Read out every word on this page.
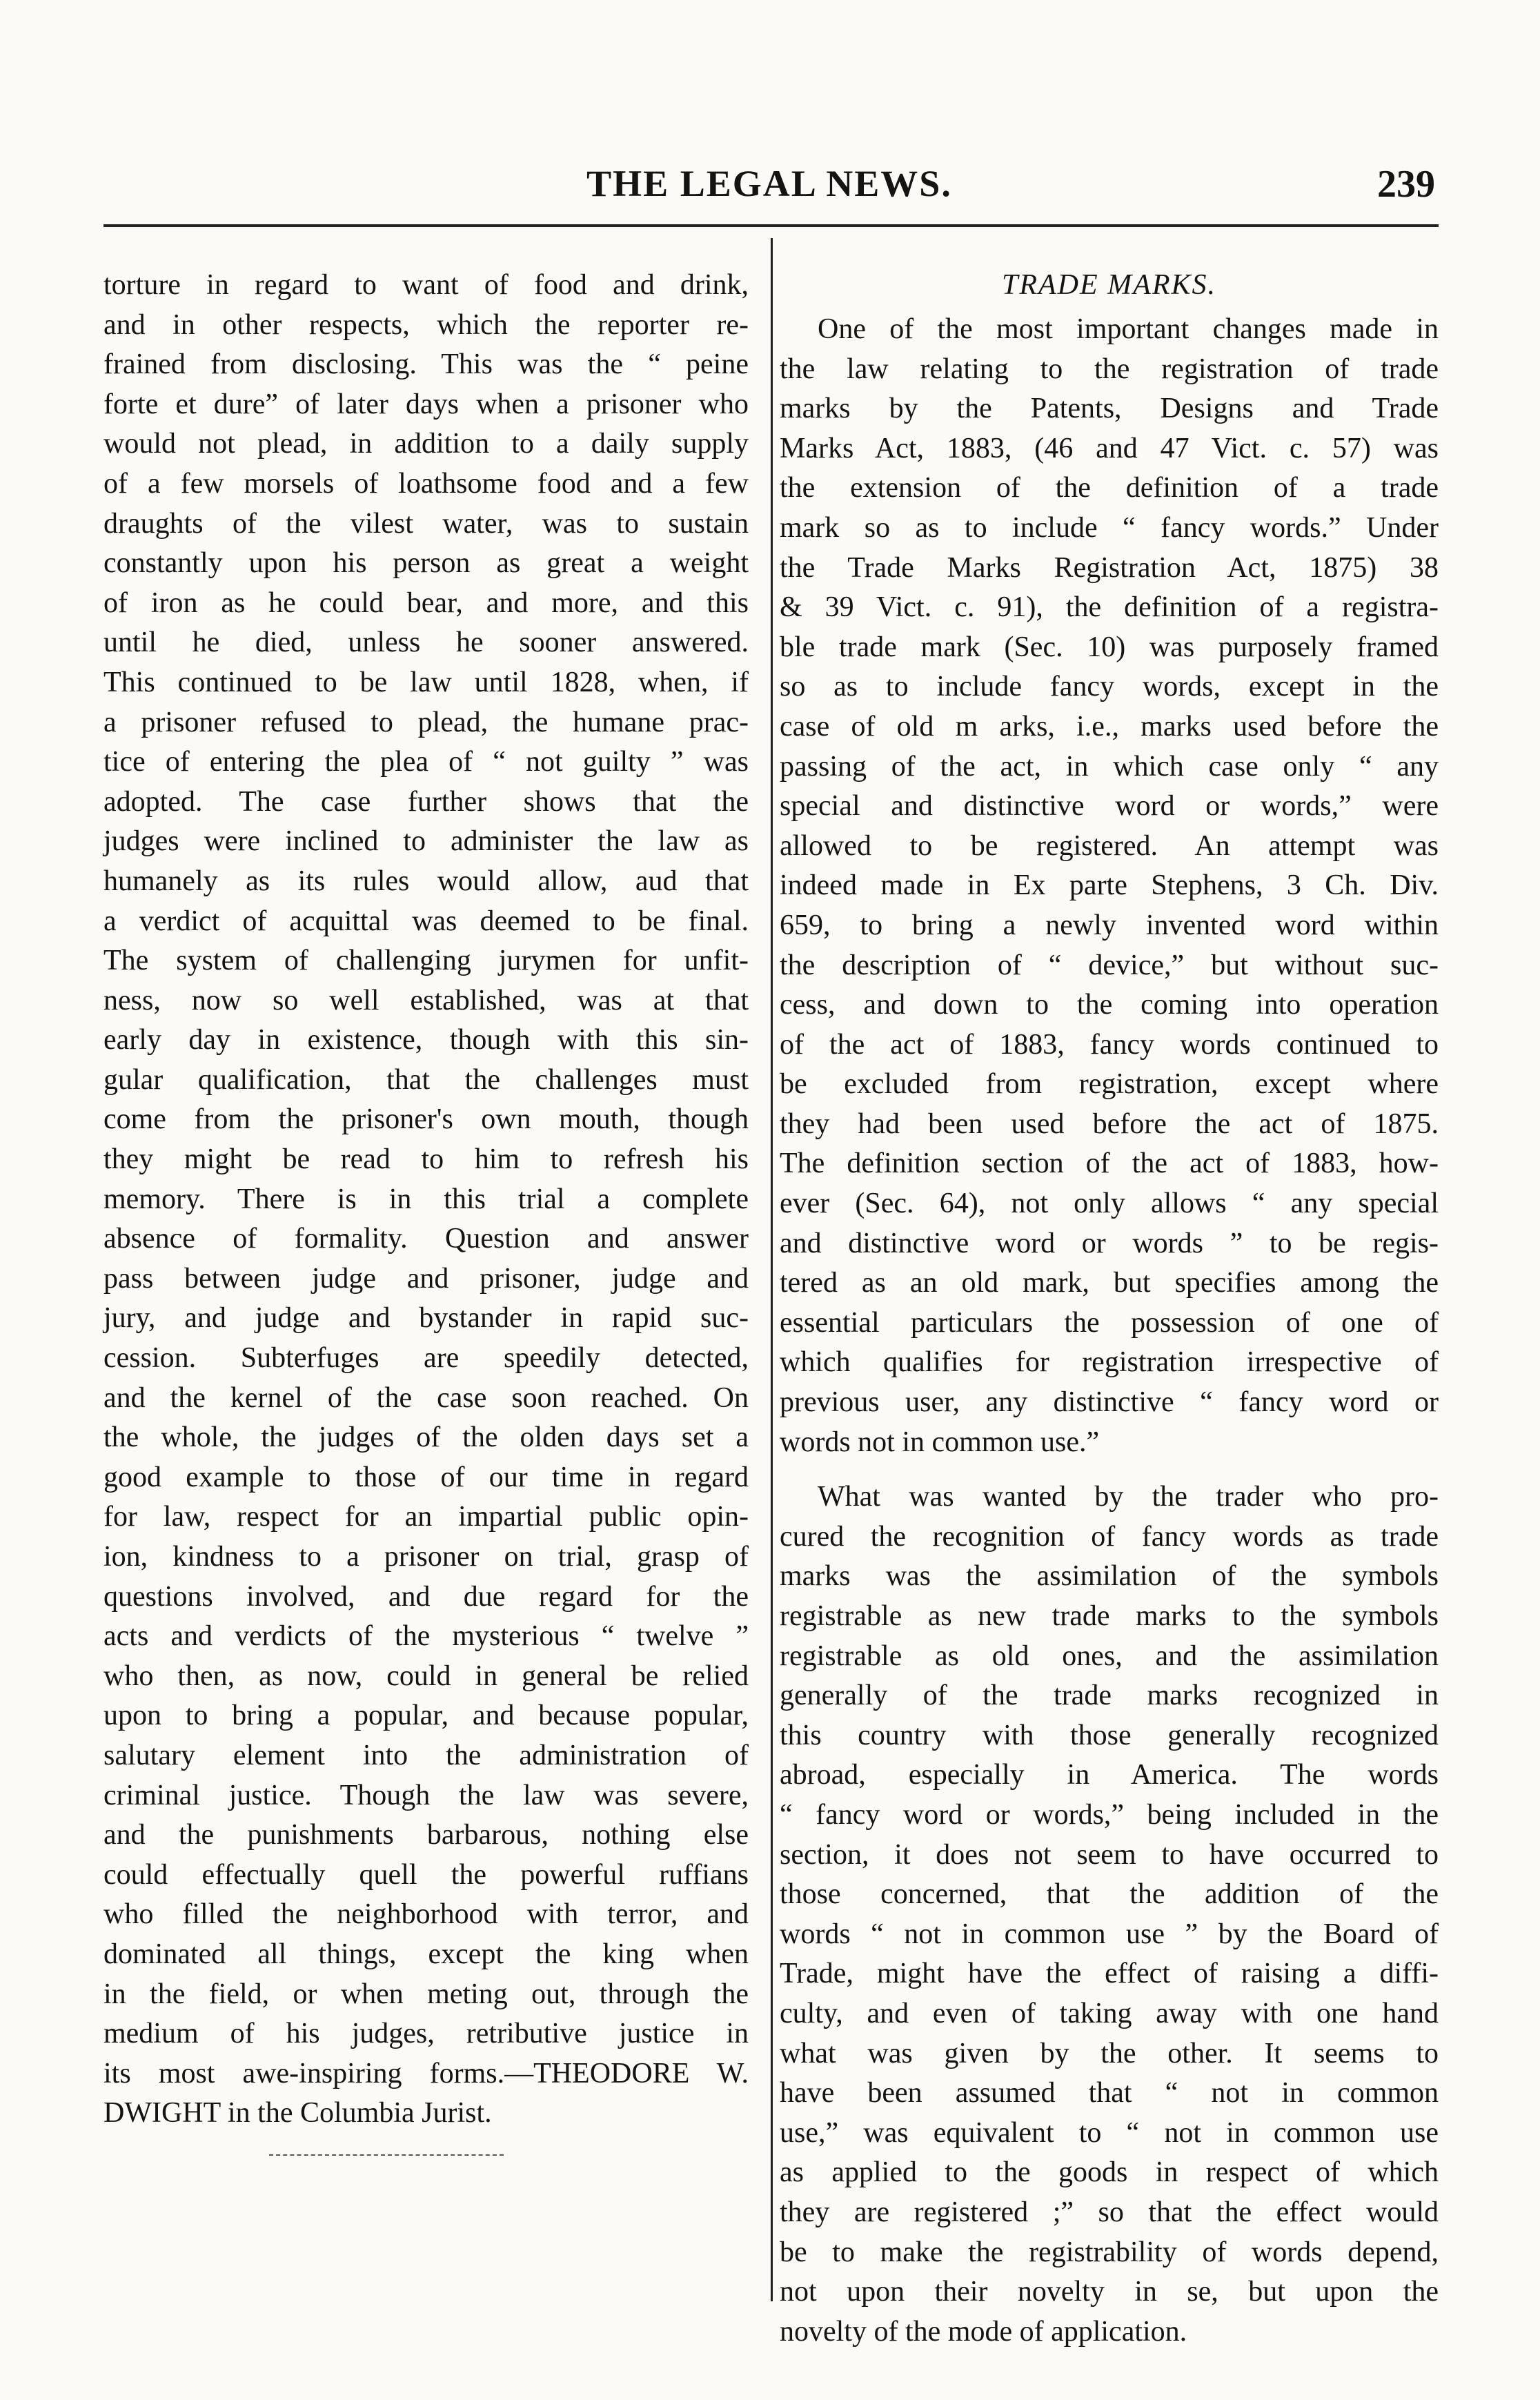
THE LEGAL NEWS.	239

torture in regard to want of food and drink,
and in other respects, which the reporter re-
frained from disclosing. This was the “ peine
forte et dure” of later days when a prisoner who
would not plead, in addition to a daily supply
of a few morsels of loathsome food and a few
draughts of the vilest water, was to sustain
constantly upon his person as great a weight
of iron as he could bear, and more, and this
until he died, unless he sooner answered.
This continued to be law until 1828, when, if
a prisoner refused to plead, the humane prac-
tice of entering the plea of “ not guilty ” was
adopted. The case further shows that the
judges were inclined to administer the law as
humanely as its rules would allow, aud that
a verdict of acquittal was deemed to be final.
The system of challenging jurymen for unfit-
ness, now so well established, was at that
early day in existence, though with this sin-
gular qualification, that the challenges must
come from the prisoner's own mouth, though
they might be read to him to refresh his
memory. There is in this trial a complete
absence of formality. Question and answer
pass between judge and prisoner, judge and
jury, and judge and bystander in rapid suc-
cession. Subterfuges are speedily detected,
and the kernel of the case soon reached. On
the whole, the judges of the olden days set a
good example to those of our time in regard
for law, respect for an impartial public opin-
ion, kindness to a prisoner on trial, grasp of
questions involved, and due regard for the
acts and verdicts of the mysterious “ twelve ”
who then, as now, could in general be relied
upon to bring a popular, and because popular,
salutary element into the administration of
criminal justice. Though the law was severe,
and the punishments barbarous, nothing else
could effectually quell the powerful ruffians
who filled the neighborhood with terror, and
dominated all things, except the king when
in the field, or when meting out, through the
medium of his judges, retributive justice in
its most awe-inspiring forms.—THEODORE W.
DWIGHT in the Columbia Jurist.

TRADE MARKS.

One of the most important changes made in
the law relating to the registration of trade
marks by the Patents, Designs and Trade
Marks Act, 1883, (46 and 47 Vict. c. 57) was
the extension of the definition of a trade
mark so as to include “ fancy words.” Under
the Trade Marks Registration Act, 1875) 38
& 39 Vict. c. 91), the definition of a registra-
ble trade mark (Sec. 10) was purposely framed
so as to include fancy words, except in the
case of old m arks, i.e., marks used before the
passing of the act, in which case only “ any
special and distinctive word or words,” were
allowed to be registered. An attempt was
indeed made in Ex parte Stephens, 3 Ch. Div.
659, to bring a newly invented word within
the description of “ device,” but without suc-
cess, and down to the coming into operation
of the act of 1883, fancy words continued to
be excluded from registration, except where
they had been used before the act of 1875.
The definition section of the act of 1883, how-
ever (Sec. 64), not only allows “ any special
and distinctive word or words ” to be regis-
tered as an old mark, but specifies among the
essential particulars the possession of one of
which qualifies for registration irrespective of
previous user, any distinctive “ fancy word or
words not in common use.”

What was wanted by the trader who pro-
cured the recognition of fancy words as trade
marks was the assimilation of the symbols
registrable as new trade marks to the symbols
registrable as old ones, and the assimilation
generally of the trade marks recognized in
this country with those generally recognized
abroad, especially in America. The words
“ fancy word or words,” being included in the
section, it does not seem to have occurred to
those concerned, that the addition of the
words “ not in common use ” by the Board of
Trade, might have the effect of raising a diffi-
culty, and even of taking away with one hand
what was given by the other. It seems to
have been assumed that “ not in common
use,” was equivalent to “ not in common use
as applied to the goods in respect of which
they are registered ;” so that the effect would
be to make the registrability of words depend,
not upon their novelty in se, but upon the
novelty of the mode of application.
